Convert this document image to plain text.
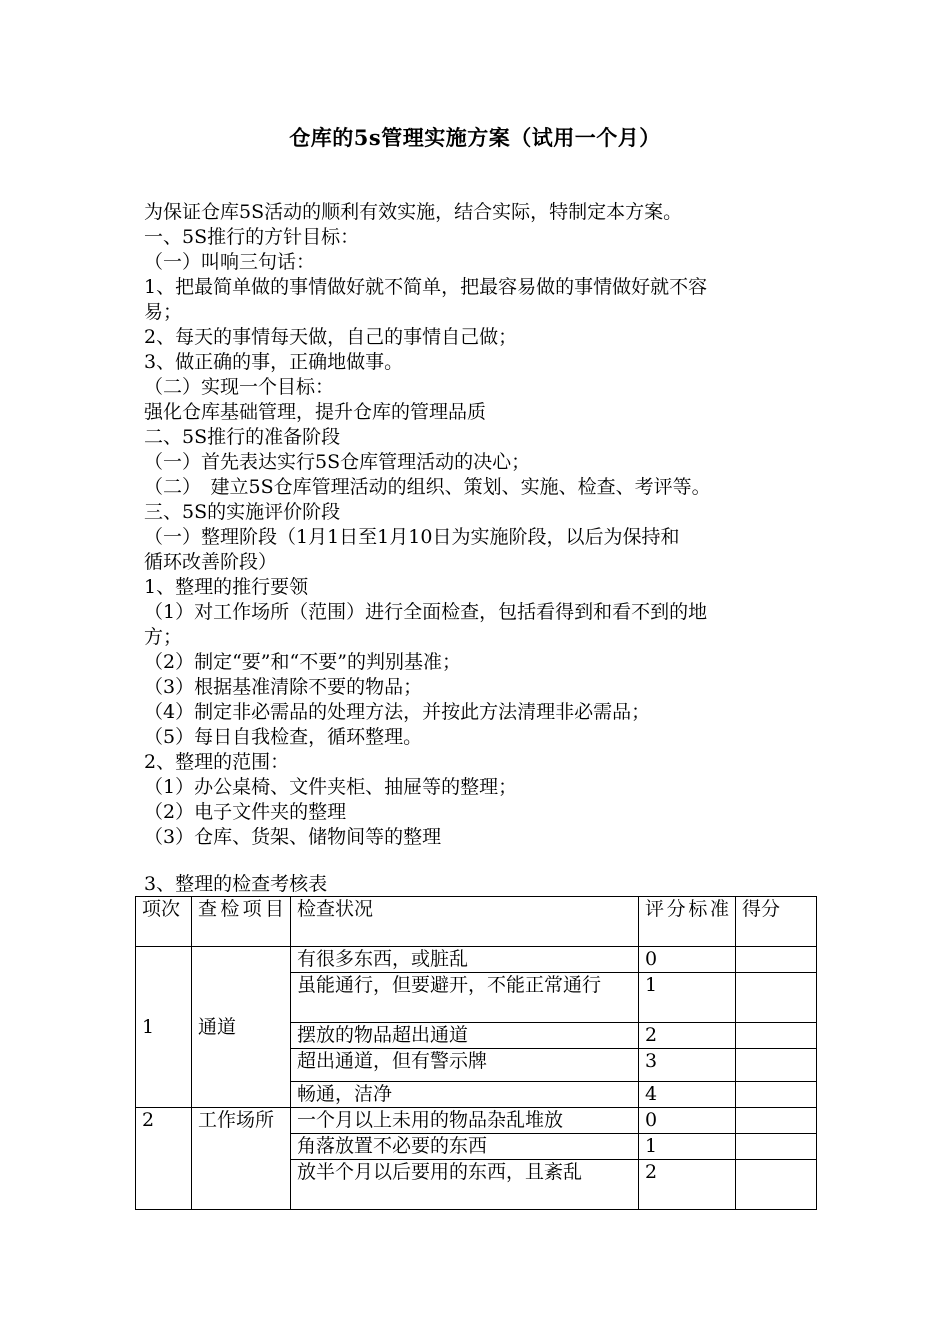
仓库的5s管理实施方案（试用一个月）
为保证仓库5S活动的顺利有效实施，结合实际，特制定本方案。
一、5S推行的方针目标：
（一）叫响三句话：
1、把最简单做的事情做好就不简单，把最容易做的事情做好就不容
易；
2、每天的事情每天做，自己的事情自己做；
3、做正确的事，正确地做事。
（二）实现一个目标：
强化仓库基础管理，提升仓库的管理品质
二、5S推行的准备阶段
（一）首先表达实行5S仓库管理活动的决心；
（二）　建立5S仓库管理活动的组织、策划、实施、检查、考评等。
三、5S的实施评价阶段
（一）整理阶段（1月1日至1月10日为实施阶段，以后为保持和
循环改善阶段）
1、整理的推行要领
（1）对工作场所（范围）进行全面检查，包括看得到和看不到的地
方；
（2）制定“要”和“不要”的判别基准；
（3）根据基准清除不要的物品；
（4）制定非必需品的处理方法，并按此方法清理非必需品；
（5）每日自我检查，循环整理。
2、整理的范围：
（1）办公桌椅、文件夹柜、抽屉等的整理；
（2）电子文件夹的整理
（3）仓库、货架、储物间等的整理
3、整理的检查考核表
项次	查检项目	检查状况	评分标准	得分
1	通道	有很多东西，或脏乱	0	
		虽能通行，但要避开，不能正常通行	1	
		摆放的物品超出通道	2	
		超出通道，但有警示牌	3	
		畅通，洁净	4	
2	工作场所	一个月以上未用的物品杂乱堆放	0	
		角落放置不必要的东西	1	
		放半个月以后要用的东西，且紊乱	2	
